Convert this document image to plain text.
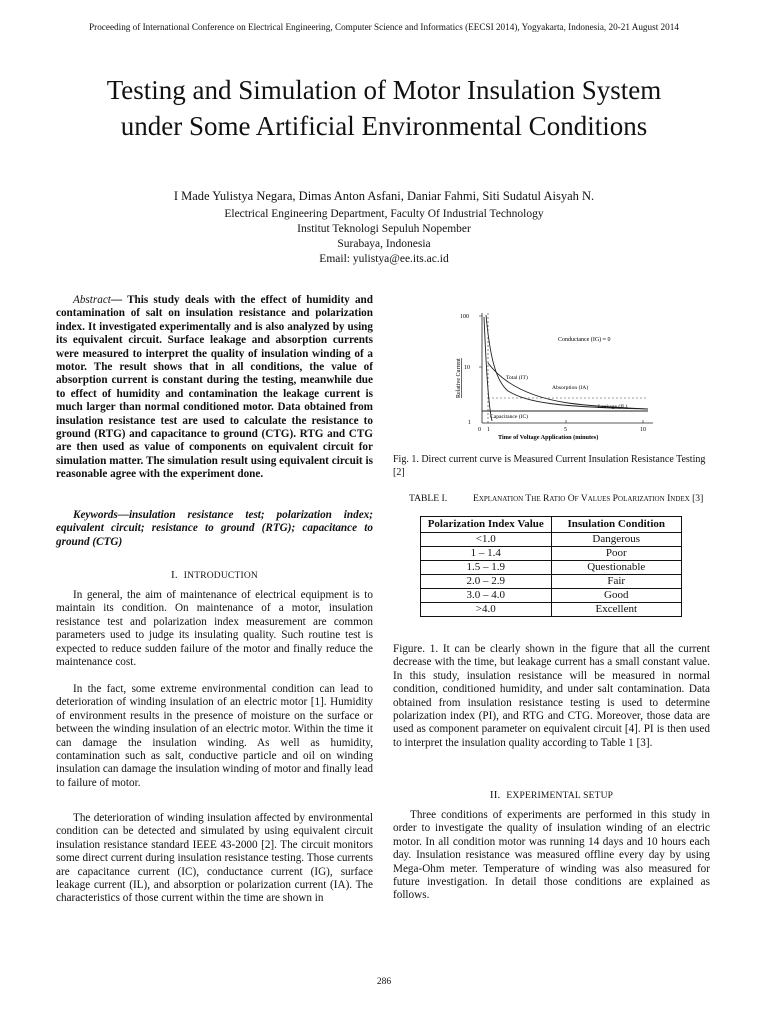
Proceeding of International Conference on Electrical Engineering, Computer Science and Informatics (EECSI 2014), Yogyakarta, Indonesia, 20-21 August 2014
Testing and Simulation of Motor Insulation System
under Some Artificial Environmental Conditions
I Made Yulistya Negara, Dimas Anton Asfani, Daniar Fahmi, Siti Sudatul Aisyah N.
Electrical Engineering Department, Faculty Of Industrial Technology
Institut Teknologi Sepuluh Nopember
Surabaya, Indonesia
Email: yulistya@ee.its.ac.id

Abstract— This study deals with the effect of humidity and contamination of salt on insulation resistance and polarization index. It investigated experimentally and is also analyzed by using its equivalent circuit. Surface leakage and absorption currents were measured to interpret the quality of insulation winding of a motor. The result shows that in all conditions, the value of absorption current is constant during the testing, meanwhile due to effect of humidity and contamination the leakage current is much larger than normal conditioned motor. Data obtained from insulation resistance test are used to calculate the resistance to ground (RTG) and capacitance to ground (CTG). RTG and CTG are then used as value of components on equivalent circuit for simulation matter. The simulation result using equivalent circuit is reasonable agree with the experiment done.

Keywords—insulation resistance test; polarization index; equivalent circuit; resistance to ground (RTG); capacitance to ground (CTG)

I. INTRODUCTION

In general, the aim of maintenance of electrical equipment is to maintain its condition. On maintenance of a motor, insulation resistance test and polarization index measurement are common parameters used to judge its insulating quality. Such routine test is expected to reduce sudden failure of the motor and finally reduce the maintenance cost.

In the fact, some extreme environmental condition can lead to deterioration of winding insulation of an electric motor [1]. Humidity of environment results in the presence of moisture on the surface or between the winding insulation of an electric motor. Within the time it can damage the insulation winding. As well as humidity, contamination such as salt, conductive particle and oil on winding insulation can damage the insulation winding of motor and finally lead to failure of motor.

The deterioration of winding insulation affected by environmental condition can be detected and simulated by using equivalent circuit insulation resistance standard IEEE 43-2000 [2]. The circuit monitors some direct current during insulation resistance testing. Those currents are capacitance current (IC), conductance current (IG), surface leakage current (IL), and absorption or polarization current (IA). The characteristics of those current within the time are shown in

100
10
1
0 1	5	10
Relative Current
Time of Voltage Application (minutes)
Conductance (IG) ≈ 0
Total (IT)
Absorption (IA)
Leakage (IL)
Capacitance (IC)
Fig. 1. Direct current curve is Measured Current Insulation Resistance Testing [2]
TABLE I.	Explanation The Ratio Of Values Polarization Index [3]
Polarization Index Value	Insulation Condition
<1.0	Dangerous
1 – 1.4	Poor
1.5 – 1.9	Questionable
2.0 – 2.9	Fair
3.0 – 4.0	Good
>4.0	Excellent

Figure. 1. It can be clearly shown in the figure that all the current decrease with the time, but leakage current has a small constant value. In this study, insulation resistance will be measured in normal condition, conditioned humidity, and under salt contamination. Data obtained from insulation resistance testing is used to determine polarization index (PI), and RTG and CTG. Moreover, those data are used as component parameter on equivalent circuit [4]. PI is then used to interpret the insulation quality according to Table 1 [3].

II. EXPERIMENTAL SETUP

Three conditions of experiments are performed in this study in order to investigate the quality of insulation winding of an electric motor. In all condition motor was running 14 days and 10 hours each day. Insulation resistance was measured offline every day by using Mega-Ohm meter. Temperature of winding was also measured for future investigation. In detail those conditions are explained as follows.

286
